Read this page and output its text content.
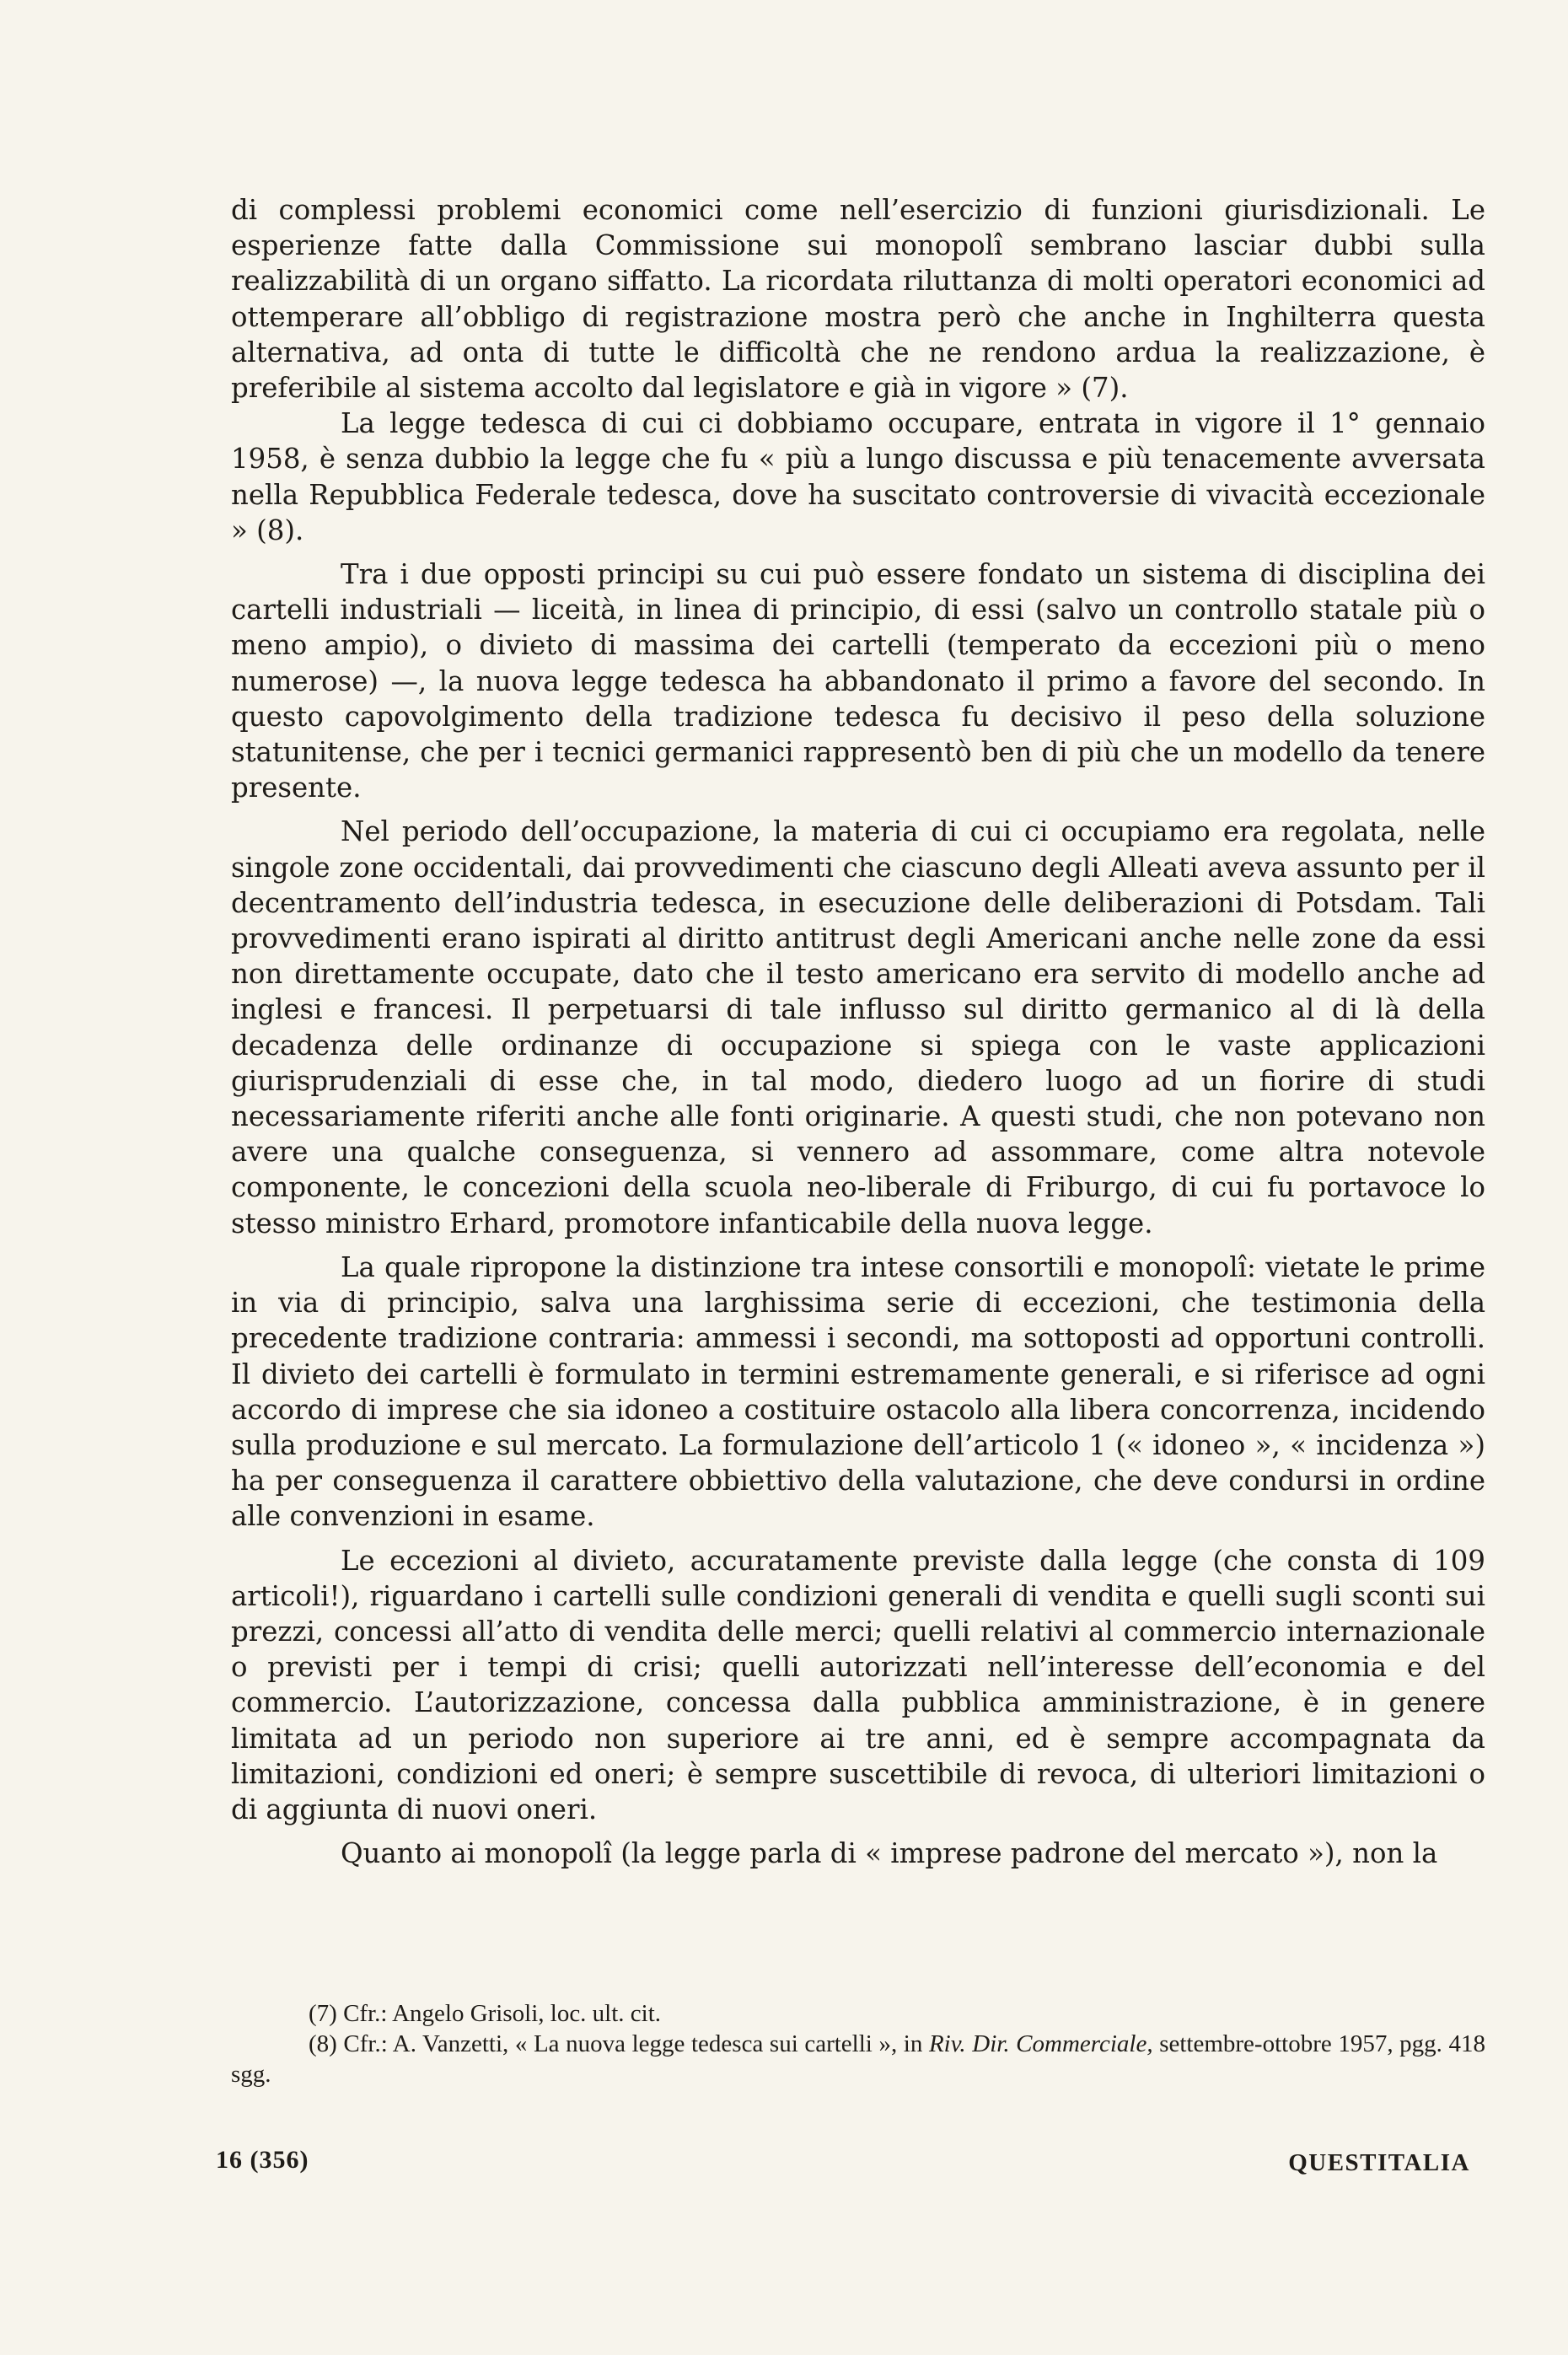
di complessi problemi economici come nell’esercizio di funzioni giurisdizionali. Le esperienze fatte dalla Commissione sui monopolî sembrano lasciar dubbi sulla realizzabilità di un organo siffatto. La ricordata riluttanza di molti operatori economici ad ottemperare all’obbligo di registrazione mostra però che anche in Inghilterra questa alternativa, ad onta di tutte le difficoltà che ne rendono ardua la realizzazione, è preferibile al sistema accolto dal legislatore e già in vigore » (7).

La legge tedesca di cui ci dobbiamo occupare, entrata in vigore il 1° gennaio 1958, è senza dubbio la legge che fu « più a lungo discussa e più tenacemente avversata nella Repubblica Federale tedesca, dove ha suscitato controversie di vivacità eccezionale » (8).

Tra i due opposti principi su cui può essere fondato un sistema di disciplina dei cartelli industriali — liceità, in linea di principio, di essi (salvo un controllo statale più o meno ampio), o divieto di massima dei cartelli (temperato da eccezioni più o meno numerose) —, la nuova legge tedesca ha abbandonato il primo a favore del secondo. In questo capovolgimento della tradizione tedesca fu decisivo il peso della soluzione statunitense, che per i tecnici germanici rappresentò ben di più che un modello da tenere presente.

Nel periodo dell’occupazione, la materia di cui ci occupiamo era regolata, nelle singole zone occidentali, dai provvedimenti che ciascuno degli Alleati aveva assunto per il decentramento dell’industria tedesca, in esecuzione delle deliberazioni di Potsdam. Tali provvedimenti erano ispirati al diritto antitrust degli Americani anche nelle zone da essi non direttamente occupate, dato che il testo americano era servito di modello anche ad inglesi e francesi. Il perpetuarsi di tale influsso sul diritto germanico al di là della decadenza delle ordinanze di occupazione si spiega con le vaste applicazioni giurisprudenziali di esse che, in tal modo, diedero luogo ad un fiorire di studi necessariamente riferiti anche alle fonti originarie. A questi studi, che non potevano non avere una qualche conseguenza, si vennero ad assommare, come altra notevole componente, le concezioni della scuola neo-liberale di Friburgo, di cui fu portavoce lo stesso ministro Erhard, promotore infanticabile della nuova legge.

La quale ripropone la distinzione tra intese consortili e monopolî: vietate le prime in via di principio, salva una larghissima serie di eccezioni, che testimonia della precedente tradizione contraria: ammessi i secondi, ma sottoposti ad opportuni controlli. Il divieto dei cartelli è formulato in termini estremamente generali, e si riferisce ad ogni accordo di imprese che sia idoneo a costituire ostacolo alla libera concorrenza, incidendo sulla produzione e sul mercato. La formulazione dell’articolo 1 (« idoneo », « incidenza ») ha per conseguenza il carattere obbiettivo della valutazione, che deve condursi in ordine alle convenzioni in esame.

Le eccezioni al divieto, accuratamente previste dalla legge (che consta di 109 articoli!), riguardano i cartelli sulle condizioni generali di vendita e quelli sugli sconti sui prezzi, concessi all’atto di vendita delle merci; quelli relativi al commercio internazionale o previsti per i tempi di crisi; quelli autorizzati nell’interesse dell’economia e del commercio. L’autorizzazione, concessa dalla pubblica amministrazione, è in genere limitata ad un periodo non superiore ai tre anni, ed è sempre accompagnata da limitazioni, condizioni ed oneri; è sempre suscettibile di revoca, di ulteriori limitazioni o di aggiunta di nuovi oneri.

Quanto ai monopolî (la legge parla di « imprese padrone del mercato »), non la

(7) Cfr.: Angelo Grisoli, loc. ult. cit.

(8) Cfr.: A. Vanzetti, « La nuova legge tedesca sui cartelli », in Riv. Dir. Commerciale, settembre-ottobre 1957, pgg. 418 sgg.

16 (356)	QUESTITALIA
